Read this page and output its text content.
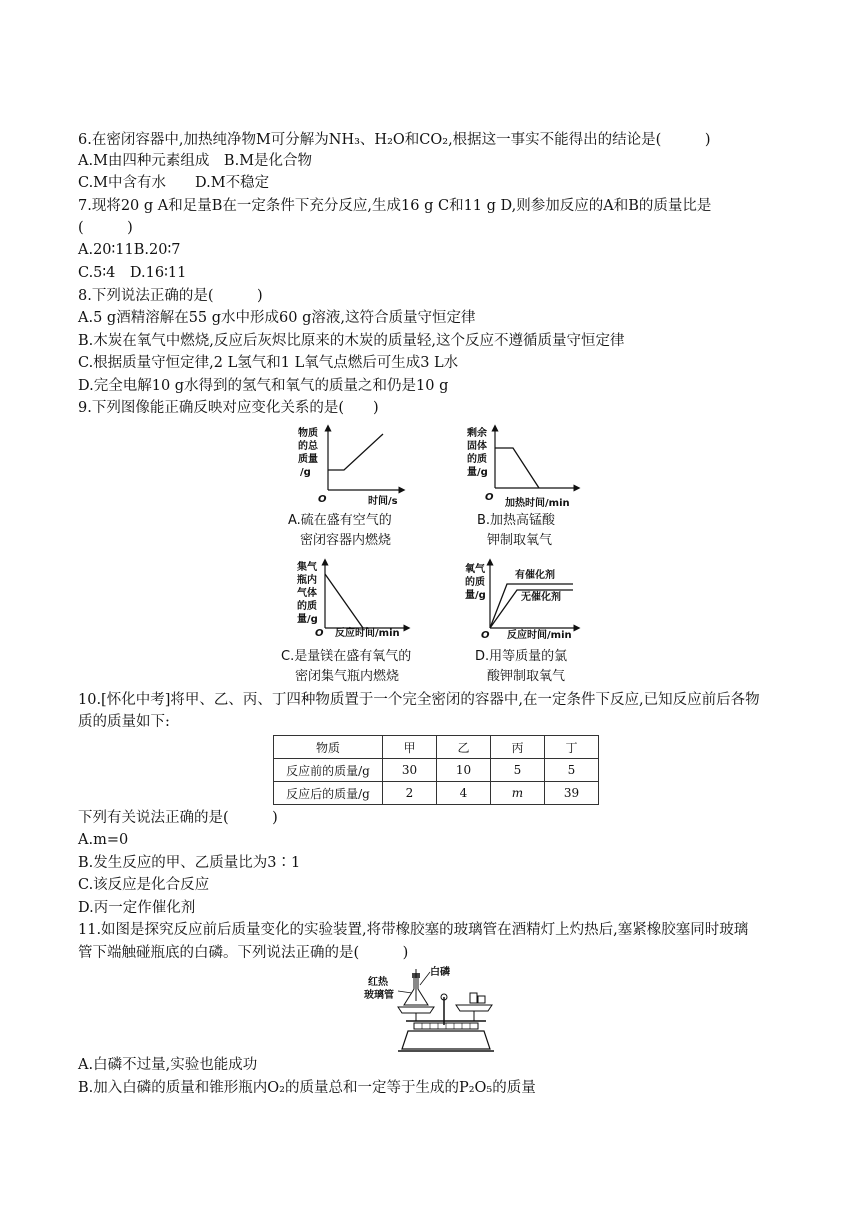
6.在密闭容器中,加热纯净物M可分解为NH₃、H₂O和CO₂,根据这一事实不能得出的结论是(　　　)
A.M由四种元素组成　B.M是化合物
C.M中含有水　　D.M不稳定
7.现将20 g A和足量B在一定条件下充分反应,生成16 g C和11 g D,则参加反应的A和B的质量比是
(　　　)
A.20∶11B.20∶7
C.5∶4　D.16∶11
8.下列说法正确的是(　　　)
A.5 g酒精溶解在55 g水中形成60 g溶液,这符合质量守恒定律
B.木炭在氧气中燃烧,反应后灰烬比原来的木炭的质量轻,这个反应不遵循质量守恒定律
C.根据质量守恒定律,2 L氢气和1 L氧气点燃后可生成3 L水
D.完全电解10 g水得到的氢气和氧气的质量之和仍是10 g
9.下列图像能正确反映对应变化关系的是(　　)
物质
的总
质量
/g
O	时间/s
A.硫在盛有空气的
密闭容器内燃烧
剩余
固体
的质
量/g
O
加热时间/min
B.加热高锰酸
钾制取氧气
集气
瓶内
气体
的质
量/g
O 反应时间/min
C.是量镁在盛有氧气的
密闭集气瓶内燃烧
氧气
的质
量/g
有催化剂
无催化剂
O 反应时间/min
D.用等质量的氯
酸钾制取氧气
10.[怀化中考]将甲、乙、丙、丁四种物质置于一个完全密闭的容器中,在一定条件下反应,已知反应前后各物
质的质量如下:
物质	甲	乙	丙	丁
反应前的质量/g	30	10	5	5
反应后的质量/g	2	4	m	39
下列有关说法正确的是(　　　)
A.m=0
B.发生反应的甲、乙质量比为3∶1
C.该反应是化合反应
D.丙一定作催化剂
11.如图是探究反应前后质量变化的实验装置,将带橡胶塞的玻璃管在酒精灯上灼热后,塞紧橡胶塞同时玻璃
管下端触碰瓶底的白磷。下列说法正确的是(　　　)
红热
玻璃管
白磷
A.白磷不过量,实验也能成功
B.加入白磷的质量和锥形瓶内O₂的质量总和一定等于生成的P₂O₅的质量
